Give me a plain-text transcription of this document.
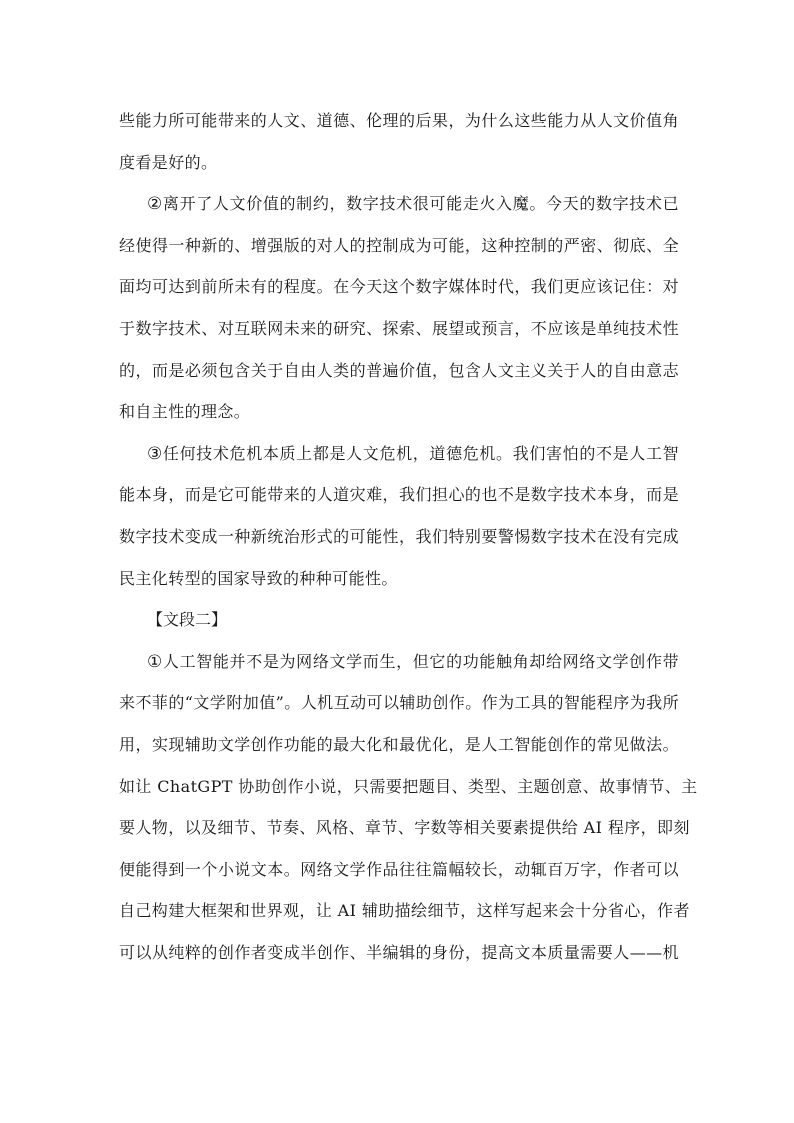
些能力所可能带来的人文、道德、伦理的后果，为什么这些能力从人文价值角
度看是好的。
②离开了人文价值的制约，数字技术很可能走火入魔。今天的数字技术已
经使得一种新的、增强版的对人的控制成为可能，这种控制的严密、彻底、全
面均可达到前所未有的程度。在今天这个数字媒体时代，我们更应该记住：对
于数字技术、对互联网未来的研究、探索、展望或预言，不应该是单纯技术性
的，而是必须包含关于自由人类的普遍价值，包含人文主义关于人的自由意志
和自主性的理念。
③任何技术危机本质上都是人文危机，道德危机。我们害怕的不是人工智
能本身，而是它可能带来的人道灾难，我们担心的也不是数字技术本身，而是
数字技术变成一种新统治形式的可能性，我们特别要警惕数字技术在没有完成
民主化转型的国家导致的种种可能性。
【文段二】
①人工智能并不是为网络文学而生，但它的功能触角却给网络文学创作带
来不菲的“文学附加值”。人机互动可以辅助创作。作为工具的智能程序为我所
用，实现辅助文学创作功能的最大化和最优化，是人工智能创作的常见做法。
如让 ChatGPT 协助创作小说，只需要把题目、类型、主题创意、故事情节、主
要人物，以及细节、节奏、风格、章节、字数等相关要素提供给 AI 程序，即刻
便能得到一个小说文本。网络文学作品往往篇幅较长，动辄百万字，作者可以
自己构建大框架和世界观，让 AI 辅助描绘细节，这样写起来会十分省心，作者
可以从纯粹的创作者变成半创作、半编辑的身份，提高文本质量需要人——机
